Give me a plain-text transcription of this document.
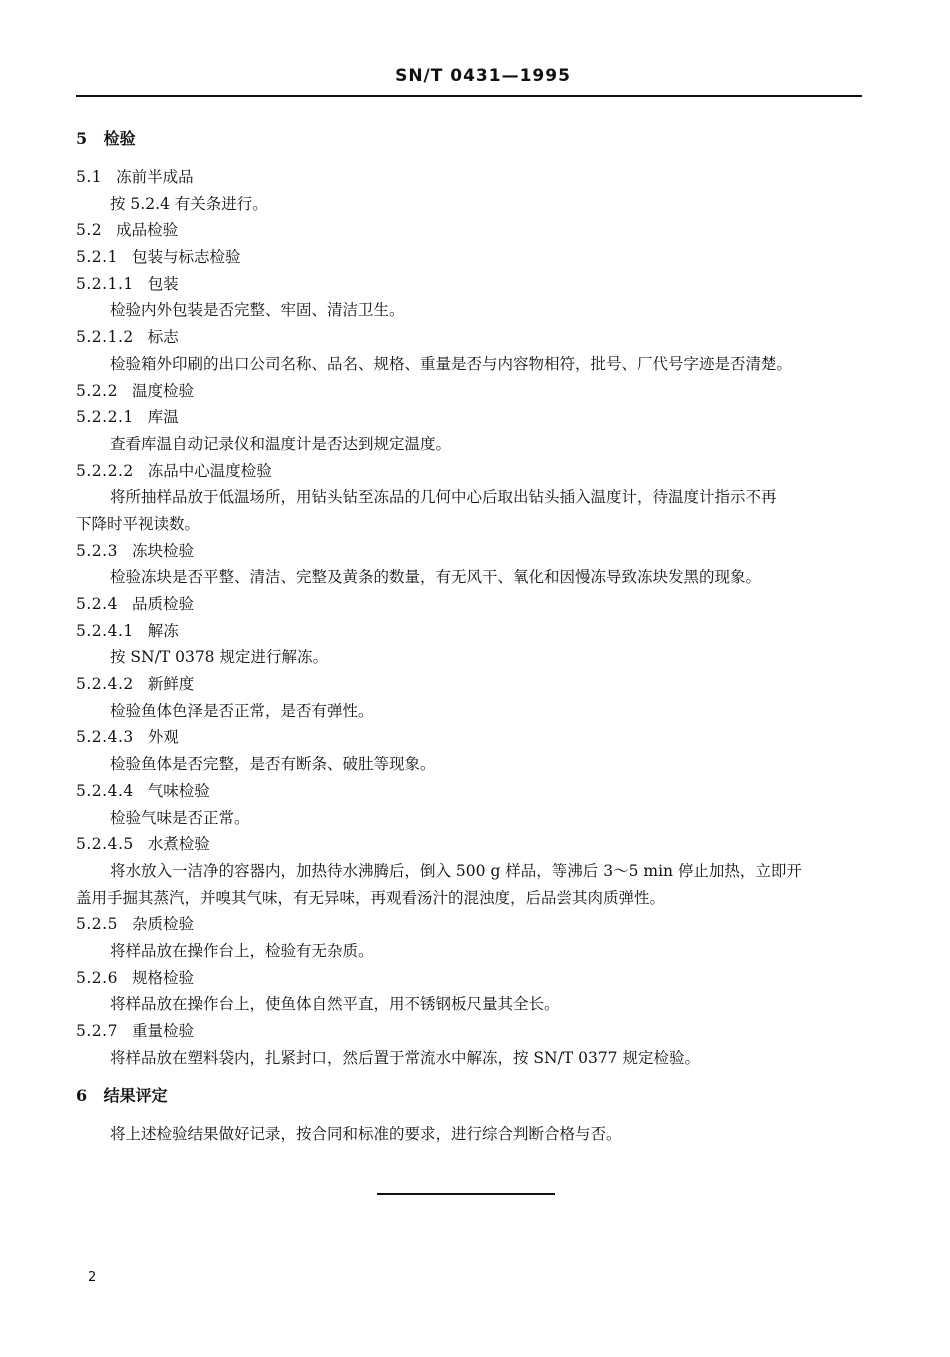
SN/T 0431—1995
5 检验
5.1 冻前半成品
按 5.2.4 有关条进行。
5.2 成品检验
5.2.1 包装与标志检验
5.2.1.1 包装
检验内外包装是否完整、牢固、清洁卫生。
5.2.1.2 标志
检验箱外印刷的出口公司名称、品名、规格、重量是否与内容物相符，批号、厂代号字迹是否清楚。
5.2.2 温度检验
5.2.2.1 库温
查看库温自动记录仪和温度计是否达到规定温度。
5.2.2.2 冻品中心温度检验
将所抽样品放于低温场所，用钻头钻至冻品的几何中心后取出钻头插入温度计，待温度计指示不再
下降时平视读数。
5.2.3 冻块检验
检验冻块是否平整、清洁、完整及黄条的数量，有无风干、氧化和因慢冻导致冻块发黑的现象。
5.2.4 品质检验
5.2.4.1 解冻
按 SN/T 0378 规定进行解冻。
5.2.4.2 新鲜度
检验鱼体色泽是否正常，是否有弹性。
5.2.4.3 外观
检验鱼体是否完整，是否有断条、破肚等现象。
5.2.4.4 气味检验
检验气味是否正常。
5.2.4.5 水煮检验
将水放入一洁净的容器内，加热待水沸腾后，倒入 500 g 样品，等沸后 3～5 min 停止加热，立即开
盖用手掘其蒸汽，并嗅其气味，有无异味，再观看汤汁的混浊度，后品尝其肉质弹性。
5.2.5 杂质检验
将样品放在操作台上，检验有无杂质。
5.2.6 规格检验
将样品放在操作台上，使鱼体自然平直，用不锈钢板尺量其全长。
5.2.7 重量检验
将样品放在塑料袋内，扎紧封口，然后置于常流水中解冻，按 SN/T 0377 规定检验。
6 结果评定
将上述检验结果做好记录，按合同和标准的要求，进行综合判断合格与否。
2
